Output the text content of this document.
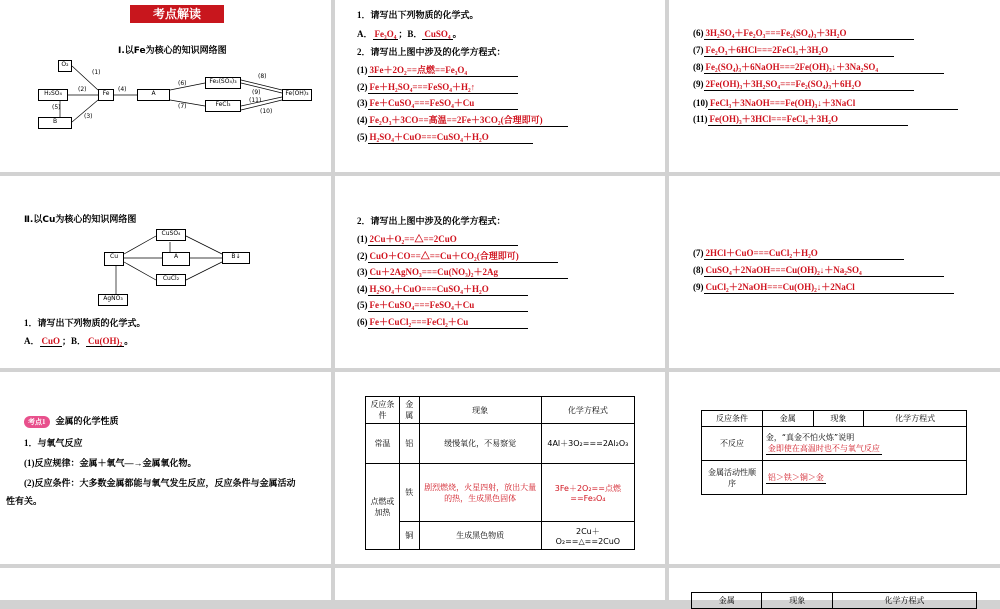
考点解读
Ⅰ.以Fe为核心的知识网络图
O₂
H₂SO₄	Fe
B
A
Fe₂(SO₄)₃
FeCl₃
Fe(OH)₃
(1)
(2)
(3)
(4)
(5)
(6)
(7)
(8)
(9)
(10)
(11)
1．请写出下列物质的化学式。
A． Fe₃O₄ ；B． CuSO₄ 。
2．请写出上图中涉及的化学方程式：
(1) 3Fe＋2O₂==点燃==Fe₃O₄
(2) Fe＋H₂SO₄===FeSO₄＋H₂↑
(3) Fe＋CuSO₄===FeSO₄＋Cu
(4) Fe₂O₃＋3CO==高温==2Fe＋3CO₂(合理即可)
(5) H₂SO₄＋CuO===CuSO₄＋H₂O
(6) 3H₂SO₄＋Fe₂O₃===Fe₂(SO₄)₃＋3H₂O
(7) Fe₂O₃＋6HCl===2FeCl₃＋3H₂O
(8) Fe₂(SO₄)₃＋6NaOH===2Fe(OH)₃↓＋3Na₂SO₄
(9) 2Fe(OH)₃＋3H₂SO₄===Fe₂(SO₄)₃＋6H₂O
(10) FeCl₃＋3NaOH===Fe(OH)₃↓＋3NaCl
(11) Fe(OH)₃＋3HCl===FeCl₃＋3H₂O
Ⅱ.以Cu为核心的知识网络图
CuSO₄
Cu	A	B↓
CuCl₂
AgNO₃
1．请写出下列物质的化学式。
A． CuO ；B． Cu(OH)₂ 。
2．请写出上图中涉及的化学方程式：
(1) 2Cu＋O₂==△==2CuO
(2) CuO＋CO==△==Cu＋CO₂(合理即可)
(3) Cu＋2AgNO₃===Cu(NO₃)₂＋2Ag
(4) H₂SO₄＋CuO===CuSO₄＋H₂O
(5) Fe＋CuSO₄===FeSO₄＋Cu
(6) Fe＋CuCl₂===FeCl₂＋Cu
(7) 2HCl＋CuO===CuCl₂＋H₂O
(8) CuSO₄＋2NaOH===Cu(OH)₂↓＋Na₂SO₄
(9) CuCl₂＋2NaOH===Cu(OH)₂↓＋2NaCl
考点1 金属的化学性质
1．与氧气反应
(1)反应规律：金属＋氧气―→金属氧化物。
(2)反应条件：大多数金属都能与氧气发生反应，反应条件与金属活动
性有关。
反应条件	金属	现象	化学方程式
常温	铝	缓慢氧化，不易察觉	4Al＋3O₂===2Al₂O₃
点燃或加热	铁	剧烈燃烧，火星四射，放出大量的热，生成黑色固体	3Fe＋2O₂==点燃==Fe₃O₄
	铜	生成黑色物质	2Cu＋O₂==△==2CuO
反应条件	金属	现象	化学方程式
不反应	金，“真金不怕火炼”说明金即使在高温时也不与氧气反应		
金属活动性顺序	铝＞铁＞铜＞金		
金属	现象	化学方程式
